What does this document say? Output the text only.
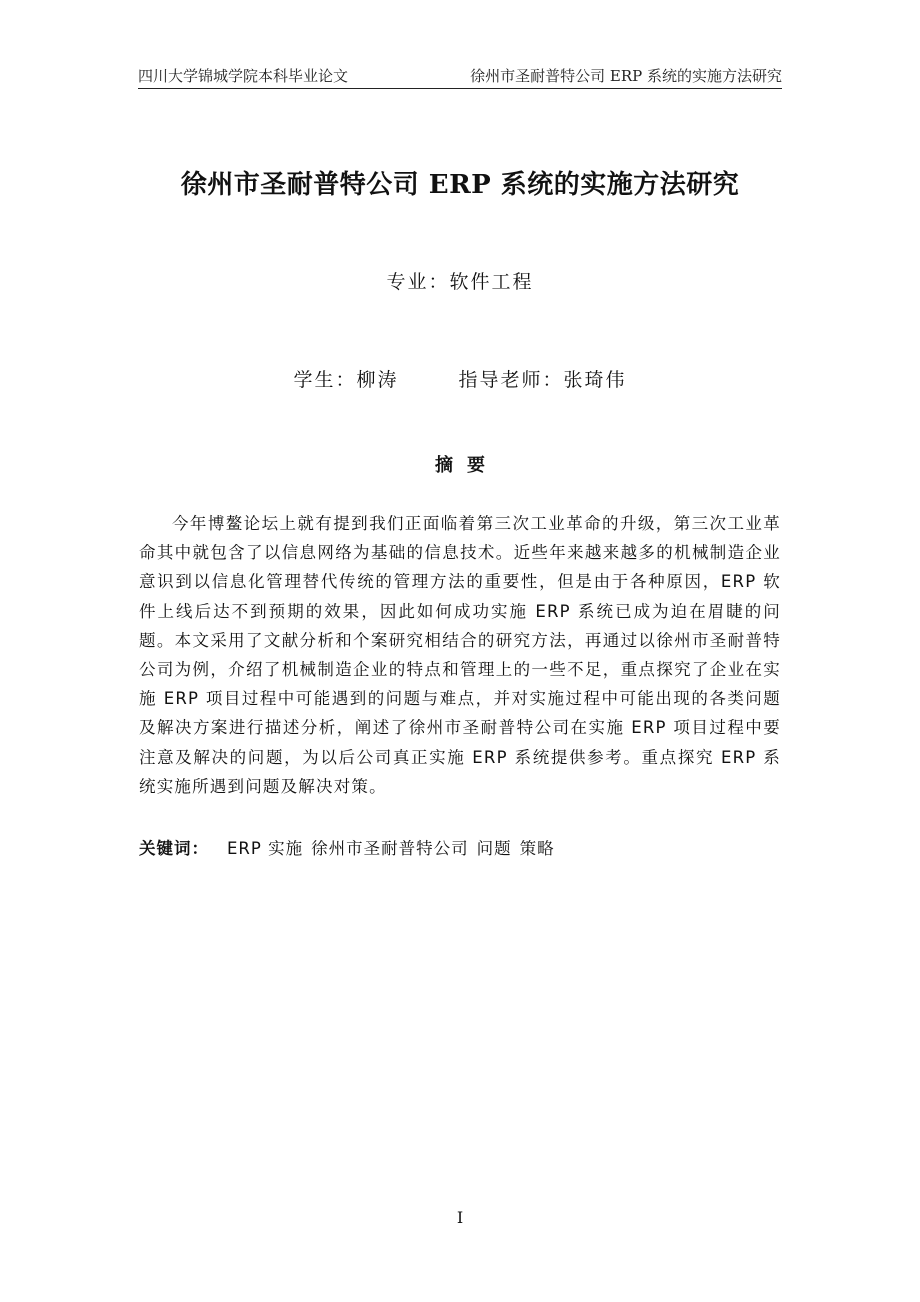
四川大学锦城学院本科毕业论文	徐州市圣耐普特公司 ERP 系统的实施方法研究
徐州市圣耐普特公司 ERP 系统的实施方法研究
专业：软件工程
学生：柳涛	指导老师：张琦伟
摘要

今年博鳌论坛上就有提到我们正面临着第三次工业革命的升级，第三次工业革命其中就包含了以信息网络为基础的信息技术。近些年来越来越多的机械制造企业意识到以信息化管理替代传统的管理方法的重要性，但是由于各种原因，ERP 软件上线后达不到预期的效果，因此如何成功实施 ERP 系统已成为迫在眉睫的问题。本文采用了文献分析和个案研究相结合的研究方法，再通过以徐州市圣耐普特公司为例，介绍了机械制造企业的特点和管理上的一些不足，重点探究了企业在实施 ERP 项目过程中可能遇到的问题与难点，并对实施过程中可能出现的各类问题及解决方案进行描述分析，阐述了徐州市圣耐普特公司在实施 ERP 项目过程中要注意及解决的问题，为以后公司真正实施 ERP 系统提供参考。重点探究 ERP 系统实施所遇到问题及解决对策。

关键词： ERP 实施 徐州市圣耐普特公司 问题 策略
I
